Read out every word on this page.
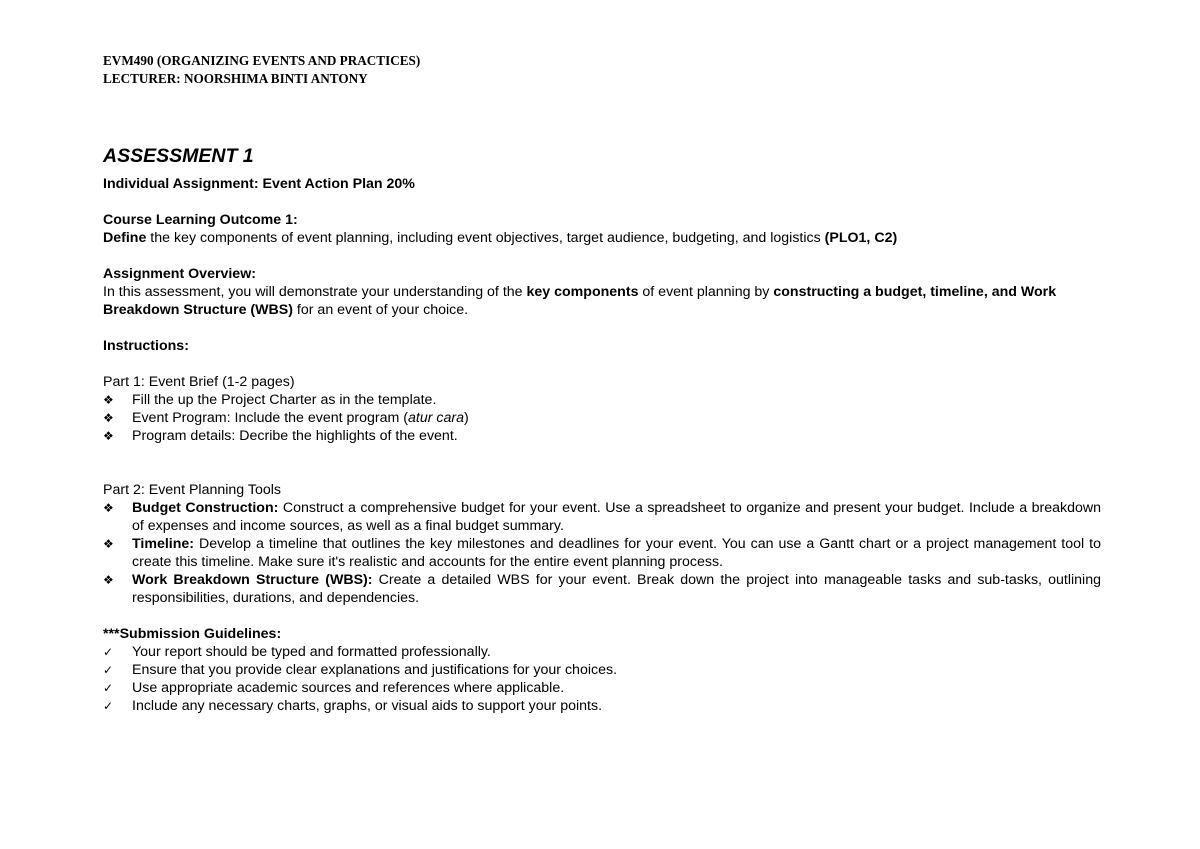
EVM490 (ORGANIZING EVENTS AND PRACTICES)
LECTURER: NOORSHIMA BINTI ANTONY
ASSESSMENT 1
Individual Assignment: Event Action Plan 20%
Course Learning Outcome 1:
Define the key components of event planning, including event objectives, target audience, budgeting, and logistics (PLO1, C2)
Assignment Overview:
In this assessment, you will demonstrate your understanding of the key components of event planning by constructing a budget, timeline, and Work Breakdown Structure (WBS) for an event of your choice.
Instructions:
Part 1: Event Brief (1-2 pages)
❖ Fill the up the Project Charter as in the template.
❖ Event Program: Include the event program (atur cara)
❖ Program details: Decribe the highlights of the event.
Part 2: Event Planning Tools
❖ Budget Construction: Construct a comprehensive budget for your event. Use a spreadsheet to organize and present your budget. Include a breakdown of expenses and income sources, as well as a final budget summary.
❖ Timeline: Develop a timeline that outlines the key milestones and deadlines for your event. You can use a Gantt chart or a project management tool to create this timeline. Make sure it's realistic and accounts for the entire event planning process.
❖ Work Breakdown Structure (WBS): Create a detailed WBS for your event. Break down the project into manageable tasks and sub-tasks, outlining responsibilities, durations, and dependencies.
***Submission Guidelines:
✓ Your report should be typed and formatted professionally.
✓ Ensure that you provide clear explanations and justifications for your choices.
✓ Use appropriate academic sources and references where applicable.
✓ Include any necessary charts, graphs, or visual aids to support your points.
